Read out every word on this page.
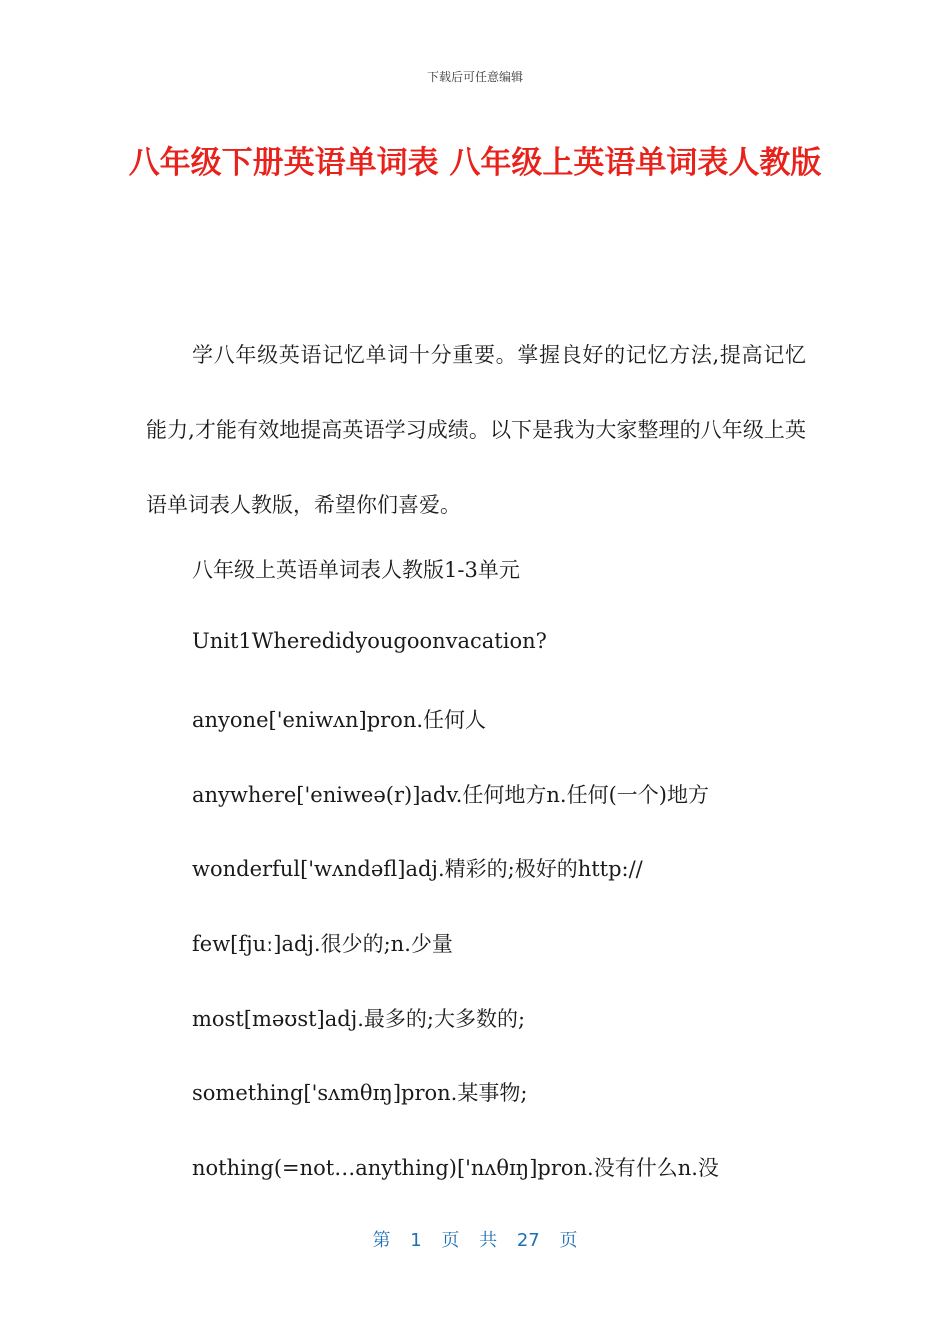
下载后可任意编辑
八年级下册英语单词表 八年级上英语单词表人教版

学八年级英语记忆单词十分重要。掌握良好的记忆方法,提高记忆能力,才能有效地提高英语学习成绩。以下是我为大家整理的八年级上英语单词表人教版，希望你们喜爱。

八年级上英语单词表人教版1-3单元

Unit1Wheredidyougoonvacation?

anyone['eniwʌn]pron.任何人

anywhere['eniweə(r)]adv.任何地方n.任何(一个)地方

wonderful['wʌndəfl]adj.精彩的;极好的http://

few[fjuː]adj.很少的;n.少量

most[məʊst]adj.最多的;大多数的;

something['sʌmθɪŋ]pron.某事物;

nothing(=not…anything)['nʌθɪŋ]pron.没有什么n.没

第 1 页 共 27 页
